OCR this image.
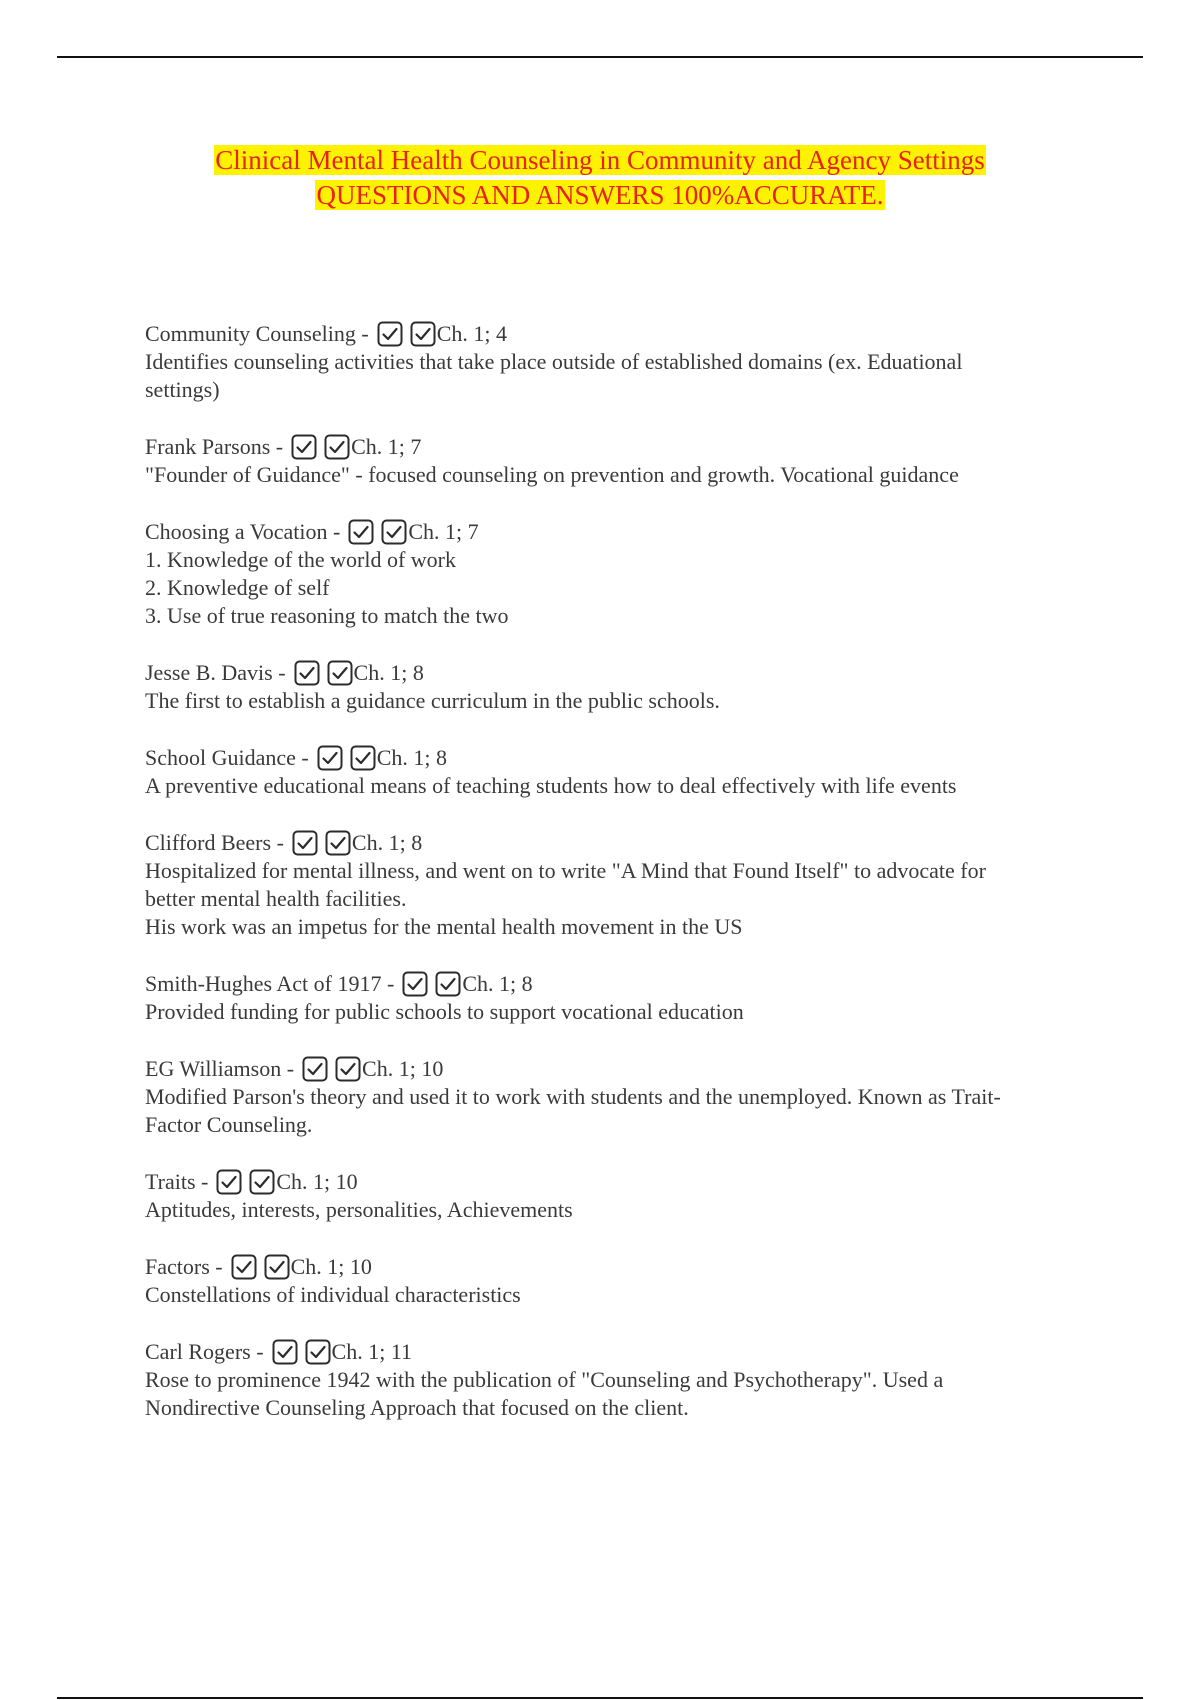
Clinical Mental Health Counseling in Community and Agency Settings
QUESTIONS AND ANSWERS 100%ACCURATE.
Community Counseling -	Ch. 1; 4
Identifies counseling activities that take place outside of established domains (ex. Eduational
settings)
Frank Parsons -	Ch. 1; 7
"Founder of Guidance" - focused counseling on prevention and growth. Vocational guidance
Choosing a Vocation -	Ch. 1; 7
1. Knowledge of the world of work
2. Knowledge of self
3. Use of true reasoning to match the two
Jesse B. Davis -	Ch. 1; 8
The first to establish a guidance curriculum in the public schools.
School Guidance -	Ch. 1; 8
A preventive educational means of teaching students how to deal effectively with life events
Clifford Beers -	Ch. 1; 8
Hospitalized for mental illness, and went on to write "A Mind that Found Itself" to advocate for
better mental health facilities.
His work was an impetus for the mental health movement in the US
Smith-Hughes Act of 1917 -	Ch. 1; 8
Provided funding for public schools to support vocational education
EG Williamson -	Ch. 1; 10
Modified Parson's theory and used it to work with students and the unemployed. Known as Trait-
Factor Counseling.
Traits -	Ch. 1; 10
Aptitudes, interests, personalities, Achievements
Factors -	Ch. 1; 10
Constellations of individual characteristics
Carl Rogers -	Ch. 1; 11
Rose to prominence 1942 with the publication of "Counseling and Psychotherapy". Used a
Nondirective Counseling Approach that focused on the client.
